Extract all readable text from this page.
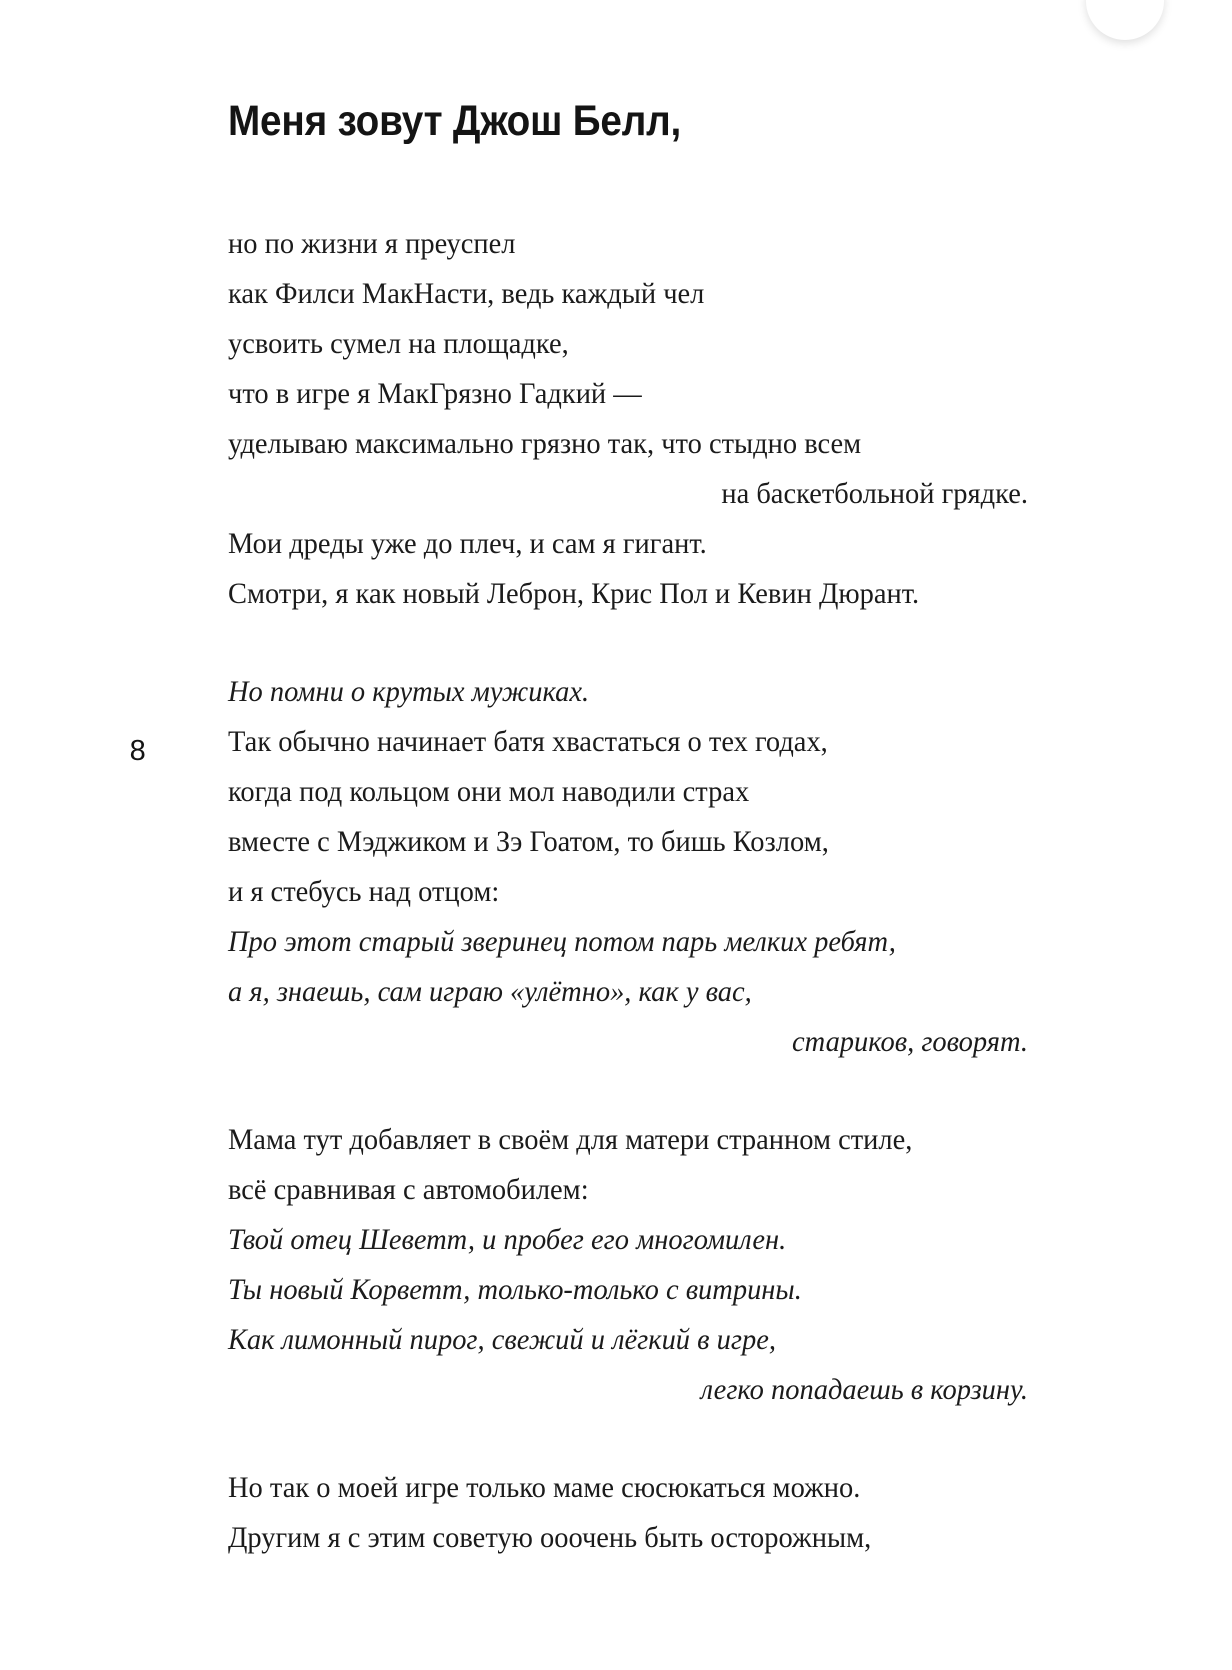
8
Меня зовут Джош Белл,
но по жизни я преуспел
как Филси МакНасти, ведь каждый чел
усвоить сумел на площадке,
что в игре я МакГрязно Гадкий —
уделываю максимально грязно так, что стыдно всем
на баскетбольной грядке.
Мои дреды уже до плеч, и сам я гигант.
Смотри, я как новый Леброн, Крис Пол и Кевин Дюрант.
Но помни о крутых мужиках.
Так обычно начинает батя хвастаться о тех годах,
когда под кольцом они мол наводили страх
вместе с Мэджиком и Зэ Гоатом, то бишь Козлом,
и я стебусь над отцом:
Про этот старый зверинец потом парь мелких ребят,
а я, знаешь, сам играю «улётно», как у вас,
стариков, говорят.
Мама тут добавляет в своём для матери странном стиле,
всё сравнивая с автомобилем:
Твой отец Шеветт, и пробег его многомилен.
Ты новый Корветт, только-только с витрины.
Как лимонный пирог, свежий и лёгкий в игре,
легко попадаешь в корзину.
Но так о моей игре только маме сюсюкаться можно.
Другим я с этим советую ооочень быть осторожным,
